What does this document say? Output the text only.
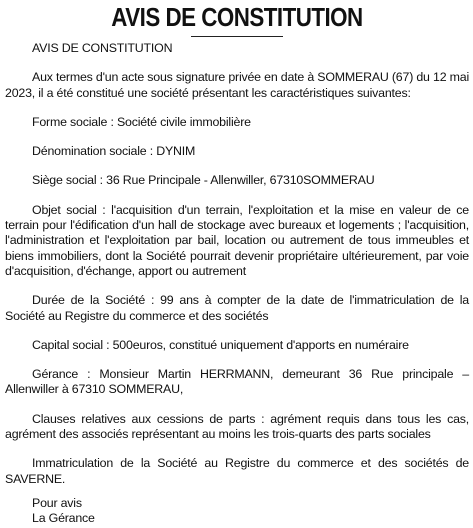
AVIS DE CONSTITUTION

AVIS DE CONSTITUTION

Aux termes d'un acte sous signature privée en date à SOMMERAU (67) du 12 mai 2023, il a été constitué une société présentant les caractéristiques suivantes:

Forme sociale : Société civile immobilière

Dénomination sociale : DYNIM

Siège social : 36 Rue Principale - Allenwiller, 67310SOMMERAU

Objet social : l'acquisition d'un terrain, l'exploitation et la mise en valeur de ce terrain pour l'édification d'un hall de stockage avec bureaux et logements ; l'acquisition, l'administration et l'exploitation par bail, location ou autrement de tous immeubles et biens immobiliers, dont la Société pourrait devenir propriétaire ultérieurement, par voie d'acquisition, d'échange, apport ou autrement

Durée de la Société : 99 ans à compter de la date de l'immatriculation de la Société au Registre du commerce et des sociétés

Capital social : 500euros, constitué uniquement d'apports en numéraire

Gérance : Monsieur Martin HERRMANN, demeurant 36 Rue principale – Allenwiller à 67310 SOMMERAU,

Clauses relatives aux cessions de parts : agrément requis dans tous les cas, agrément des associés représentant au moins les trois-quarts des parts sociales

Immatriculation de la Société au Registre du commerce et des sociétés de SAVERNE.

Pour avis

La Gérance
